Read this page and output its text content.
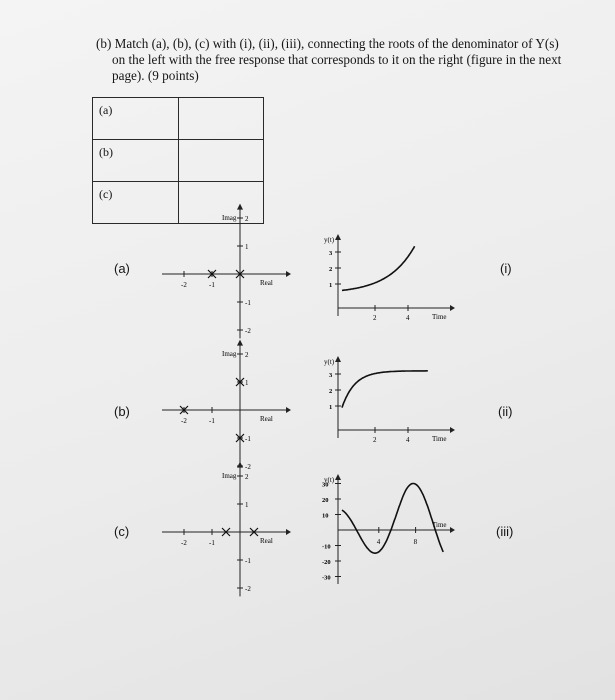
(b) Match (a), (b), (c) with (i), (ii), (iii), connecting the roots of the denominator of Y(s)
on the left with the free response that corresponds to it on the right (figure in the next
page). (9 points)
(a)	
(b)	
(c)	
(a)
(b)
(c)
(i)
(ii)
(iii)
Imag
Real
-2	-1
2
1
-1
-2
Imag
Real
-2	-1
2
1
-1
-2
Imag
Real
-2	-1
2
1
-1
-2
y(t)
Time
3
2
1
2	4
y(t)
Time
3
2
1
2	4
y(t)
Time
30
20
10
-10
-20
-30
4	8
